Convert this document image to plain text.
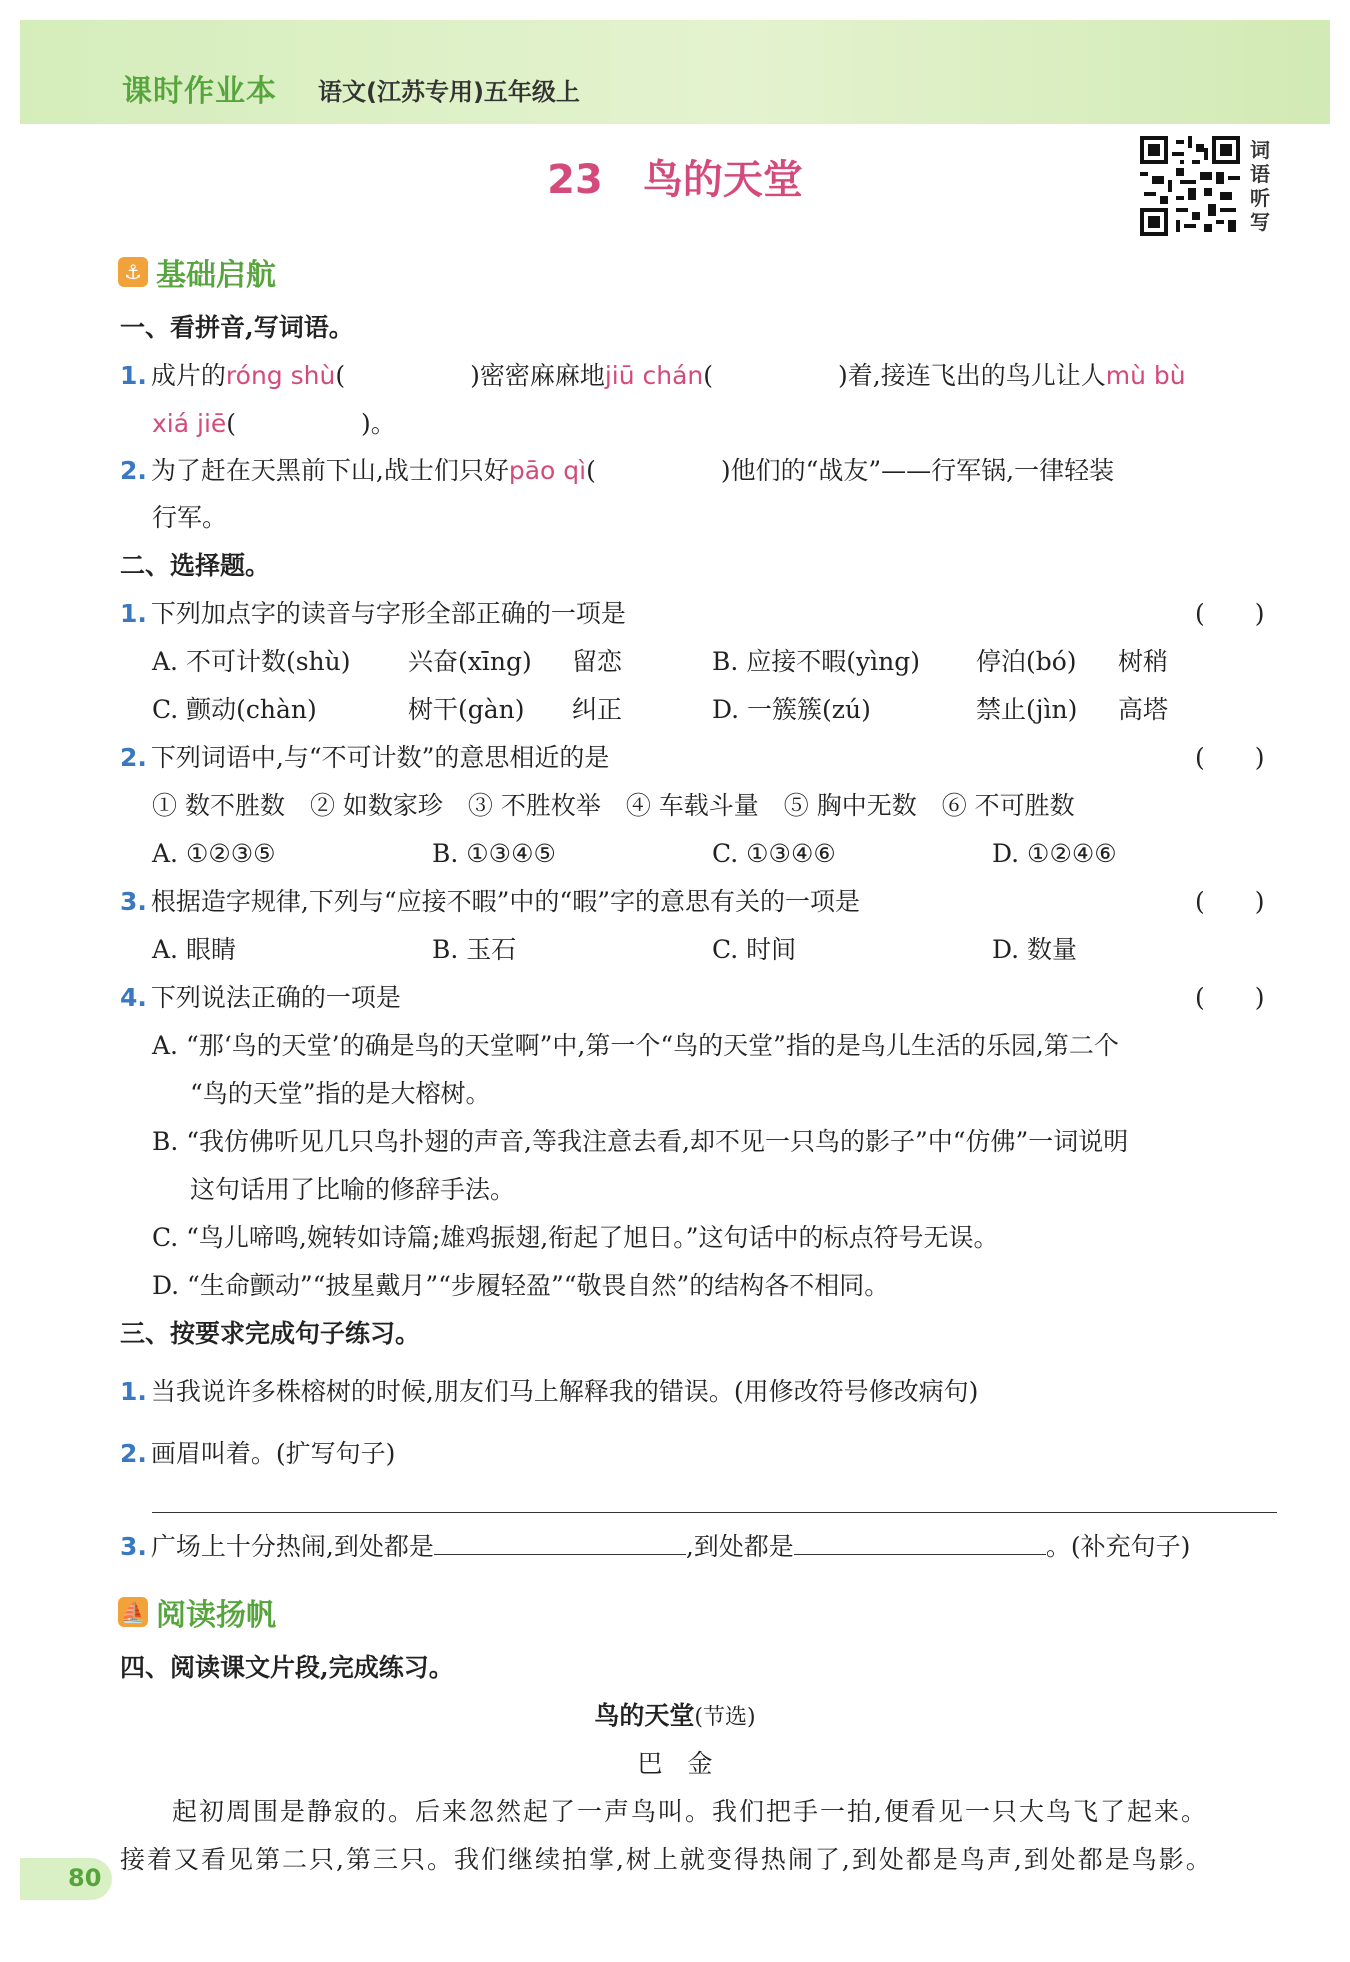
课时作业本 语文(江苏专用)五年级上
23 鸟的天堂
词语听写
⚓ 基础启航
一、看拼音,写词语。
1. 成片的róng shù(　　　　　)密密麻麻地jiū chán(　　　　　)着,接连飞出的鸟儿让人mù bù
xiá jiē(　　　　　)。
2. 为了赶在天黑前下山,战士们只好pāo qì(　　　　　)他们的“战友”——行军锅,一律轻装
行军。
二、选择题。
1. 下列加点字的读音与字形全部正确的一项是	(　　)
A. 不可计数(shù) 兴奋(xīng) 留恋	B. 应接不暇(yìng) 停泊(bó) 树稍
C. 颤动(chàn)	树干(gàn) 纠正	D. 一簇簇(zú)	禁止(jìn) 高塔
2. 下列词语中,与“不可计数”的意思相近的是	(　　)
① 数不胜数　② 如数家珍　③ 不胜枚举　④ 车载斗量　⑤ 胸中无数　⑥ 不可胜数
A. ①②③⑤	B. ①③④⑤	C. ①③④⑥	D. ①②④⑥
3. 根据造字规律,下列与“应接不暇”中的“暇”字的意思有关的一项是	(　　)
A. 眼睛	B. 玉石	C. 时间	D. 数量
4. 下列说法正确的一项是	(　　)
A. “那‘鸟的天堂’的确是鸟的天堂啊”中,第一个“鸟的天堂”指的是鸟儿生活的乐园,第二个
“鸟的天堂”指的是大榕树。
B. “我仿佛听见几只鸟扑翅的声音,等我注意去看,却不见一只鸟的影子”中“仿佛”一词说明
这句话用了比喻的修辞手法。
C. “鸟儿啼鸣,婉转如诗篇;雄鸡振翅,衔起了旭日。”这句话中的标点符号无误。
D. “生命颤动”“披星戴月”“步履轻盈”“敬畏自然”的结构各不相同。
三、按要求完成句子练习。
1. 当我说许多株榕树的时候,朋友们马上解释我的错误。(用修改符号修改病句)
2. 画眉叫着。(扩写句子)
3. 广场上十分热闹,到处都是	,到处都是	。(补充句子)
⛵ 阅读扬帆
四、阅读课文片段,完成练习。
鸟的天堂(节选)
巴　金
起初周围是静寂的。后来忽然起了一声鸟叫。我们把手一拍,便看见一只大鸟飞了起来。
接着又看见第二只,第三只。我们继续拍掌,树上就变得热闹了,到处都是鸟声,到处都是鸟影。
80
